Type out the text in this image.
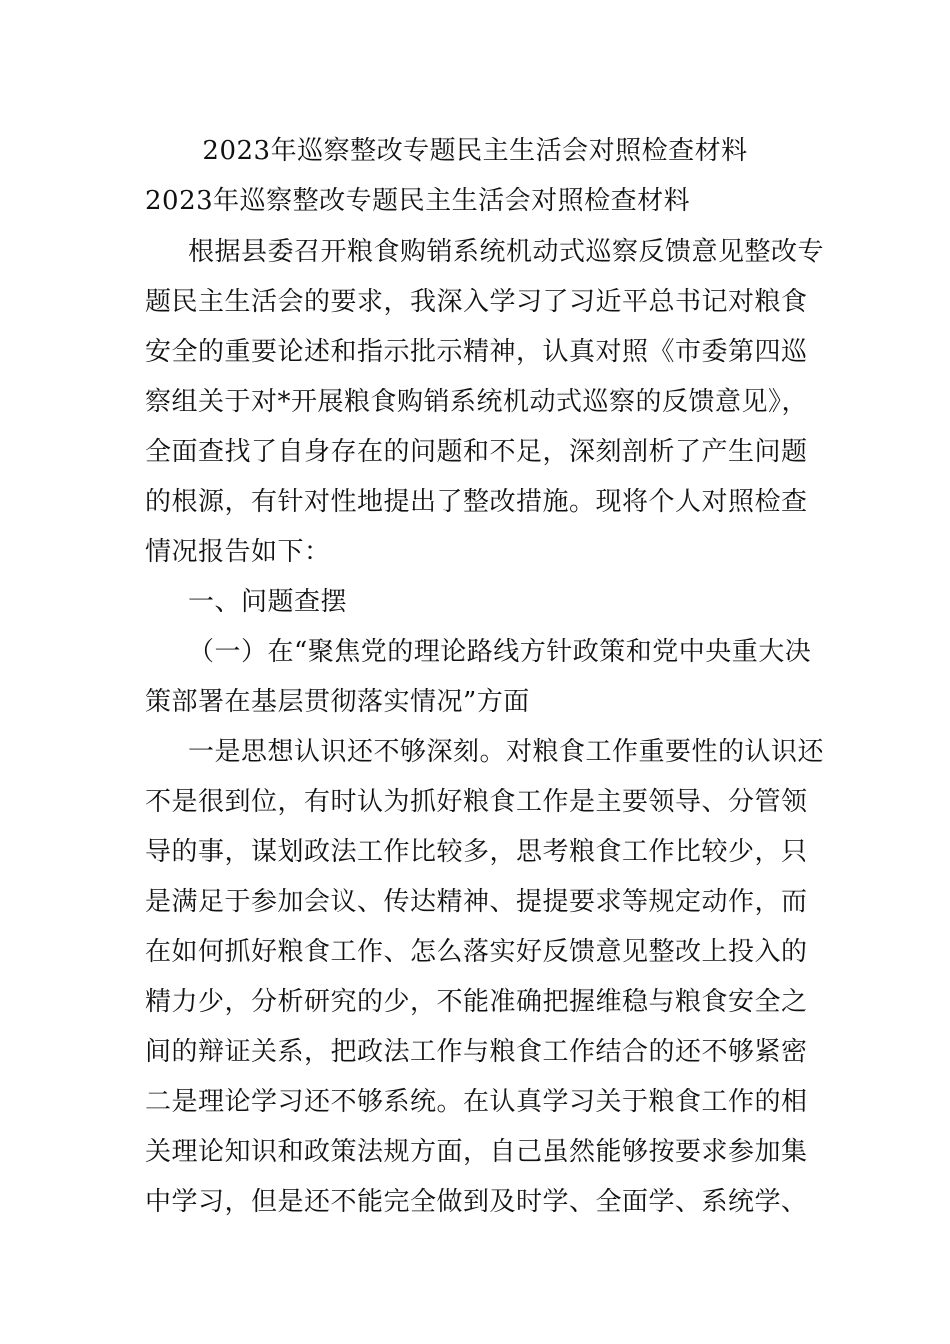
2023年巡察整改专题民主生活会对照检查材料
2023年巡察整改专题民主生活会对照检查材料
根据县委召开粮食购销系统机动式巡察反馈意见整改专
题民主生活会的要求，我深入学习了习近平总书记对粮食
安全的重要论述和指示批示精神，认真对照《市委第四巡
察组关于对*开展粮食购销系统机动式巡察的反馈意见》，
全面查找了自身存在的问题和不足，深刻剖析了产生问题
的根源，有针对性地提出了整改措施。现将个人对照检查
情况报告如下：
一、问题查摆
（一）在“聚焦党的理论路线方针政策和党中央重大决
策部署在基层贯彻落实情况”方面
一是思想认识还不够深刻。对粮食工作重要性的认识还
不是很到位，有时认为抓好粮食工作是主要领导、分管领
导的事，谋划政法工作比较多，思考粮食工作比较少，只
是满足于参加会议、传达精神、提提要求等规定动作，而
在如何抓好粮食工作、怎么落实好反馈意见整改上投入的
精力少，分析研究的少，不能准确把握维稳与粮食安全之
间的辩证关系，把政法工作与粮食工作结合的还不够紧密
二是理论学习还不够系统。在认真学习关于粮食工作的相
关理论知识和政策法规方面，自己虽然能够按要求参加集
中学习，但是还不能完全做到及时学、全面学、系统学、
